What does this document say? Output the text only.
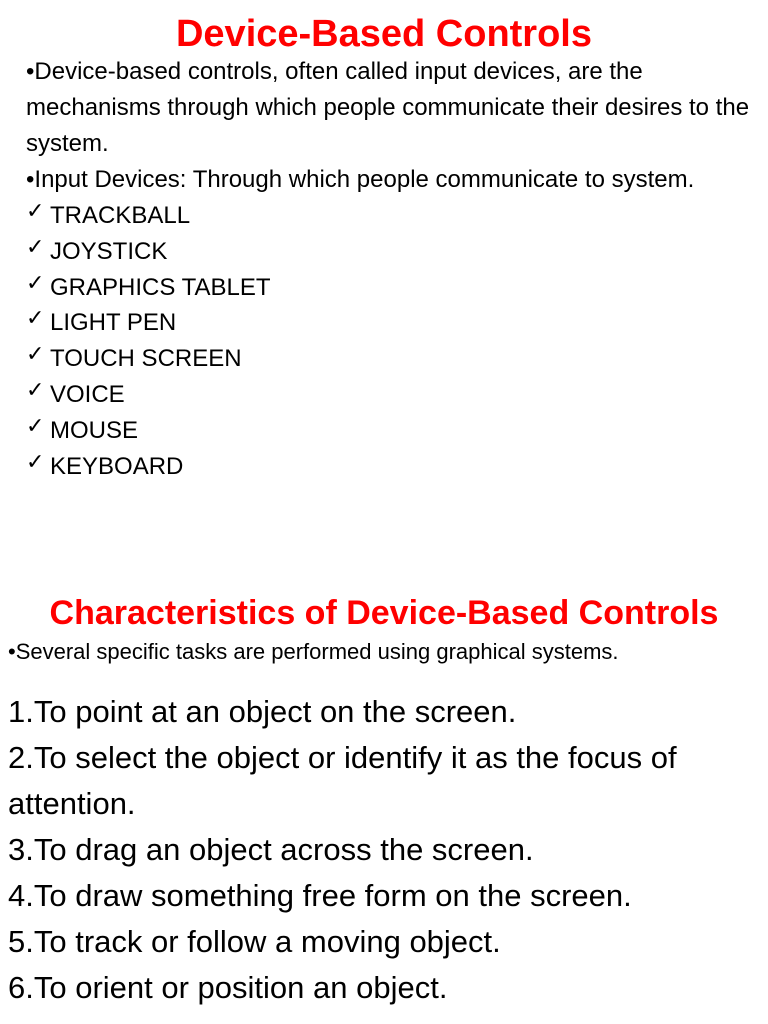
Device-Based Controls
•Device-based controls, often called input devices, are the mechanisms through which people communicate their desires to the system.
•Input Devices: Through which people communicate to system.
✓ TRACKBALL
✓ JOYSTICK
✓ GRAPHICS TABLET
✓ LIGHT PEN
✓ TOUCH SCREEN
✓ VOICE
✓ MOUSE
✓ KEYBOARD
Characteristics of Device-Based Controls

•Several specific tasks are performed using graphical systems.

1.To point at an object on the screen.
2.To select the object or identify it as the focus of attention.
3.To drag an object across the screen.
4.To draw something free form on the screen.
5.To track or follow a moving object.
6.To orient or position an object.
